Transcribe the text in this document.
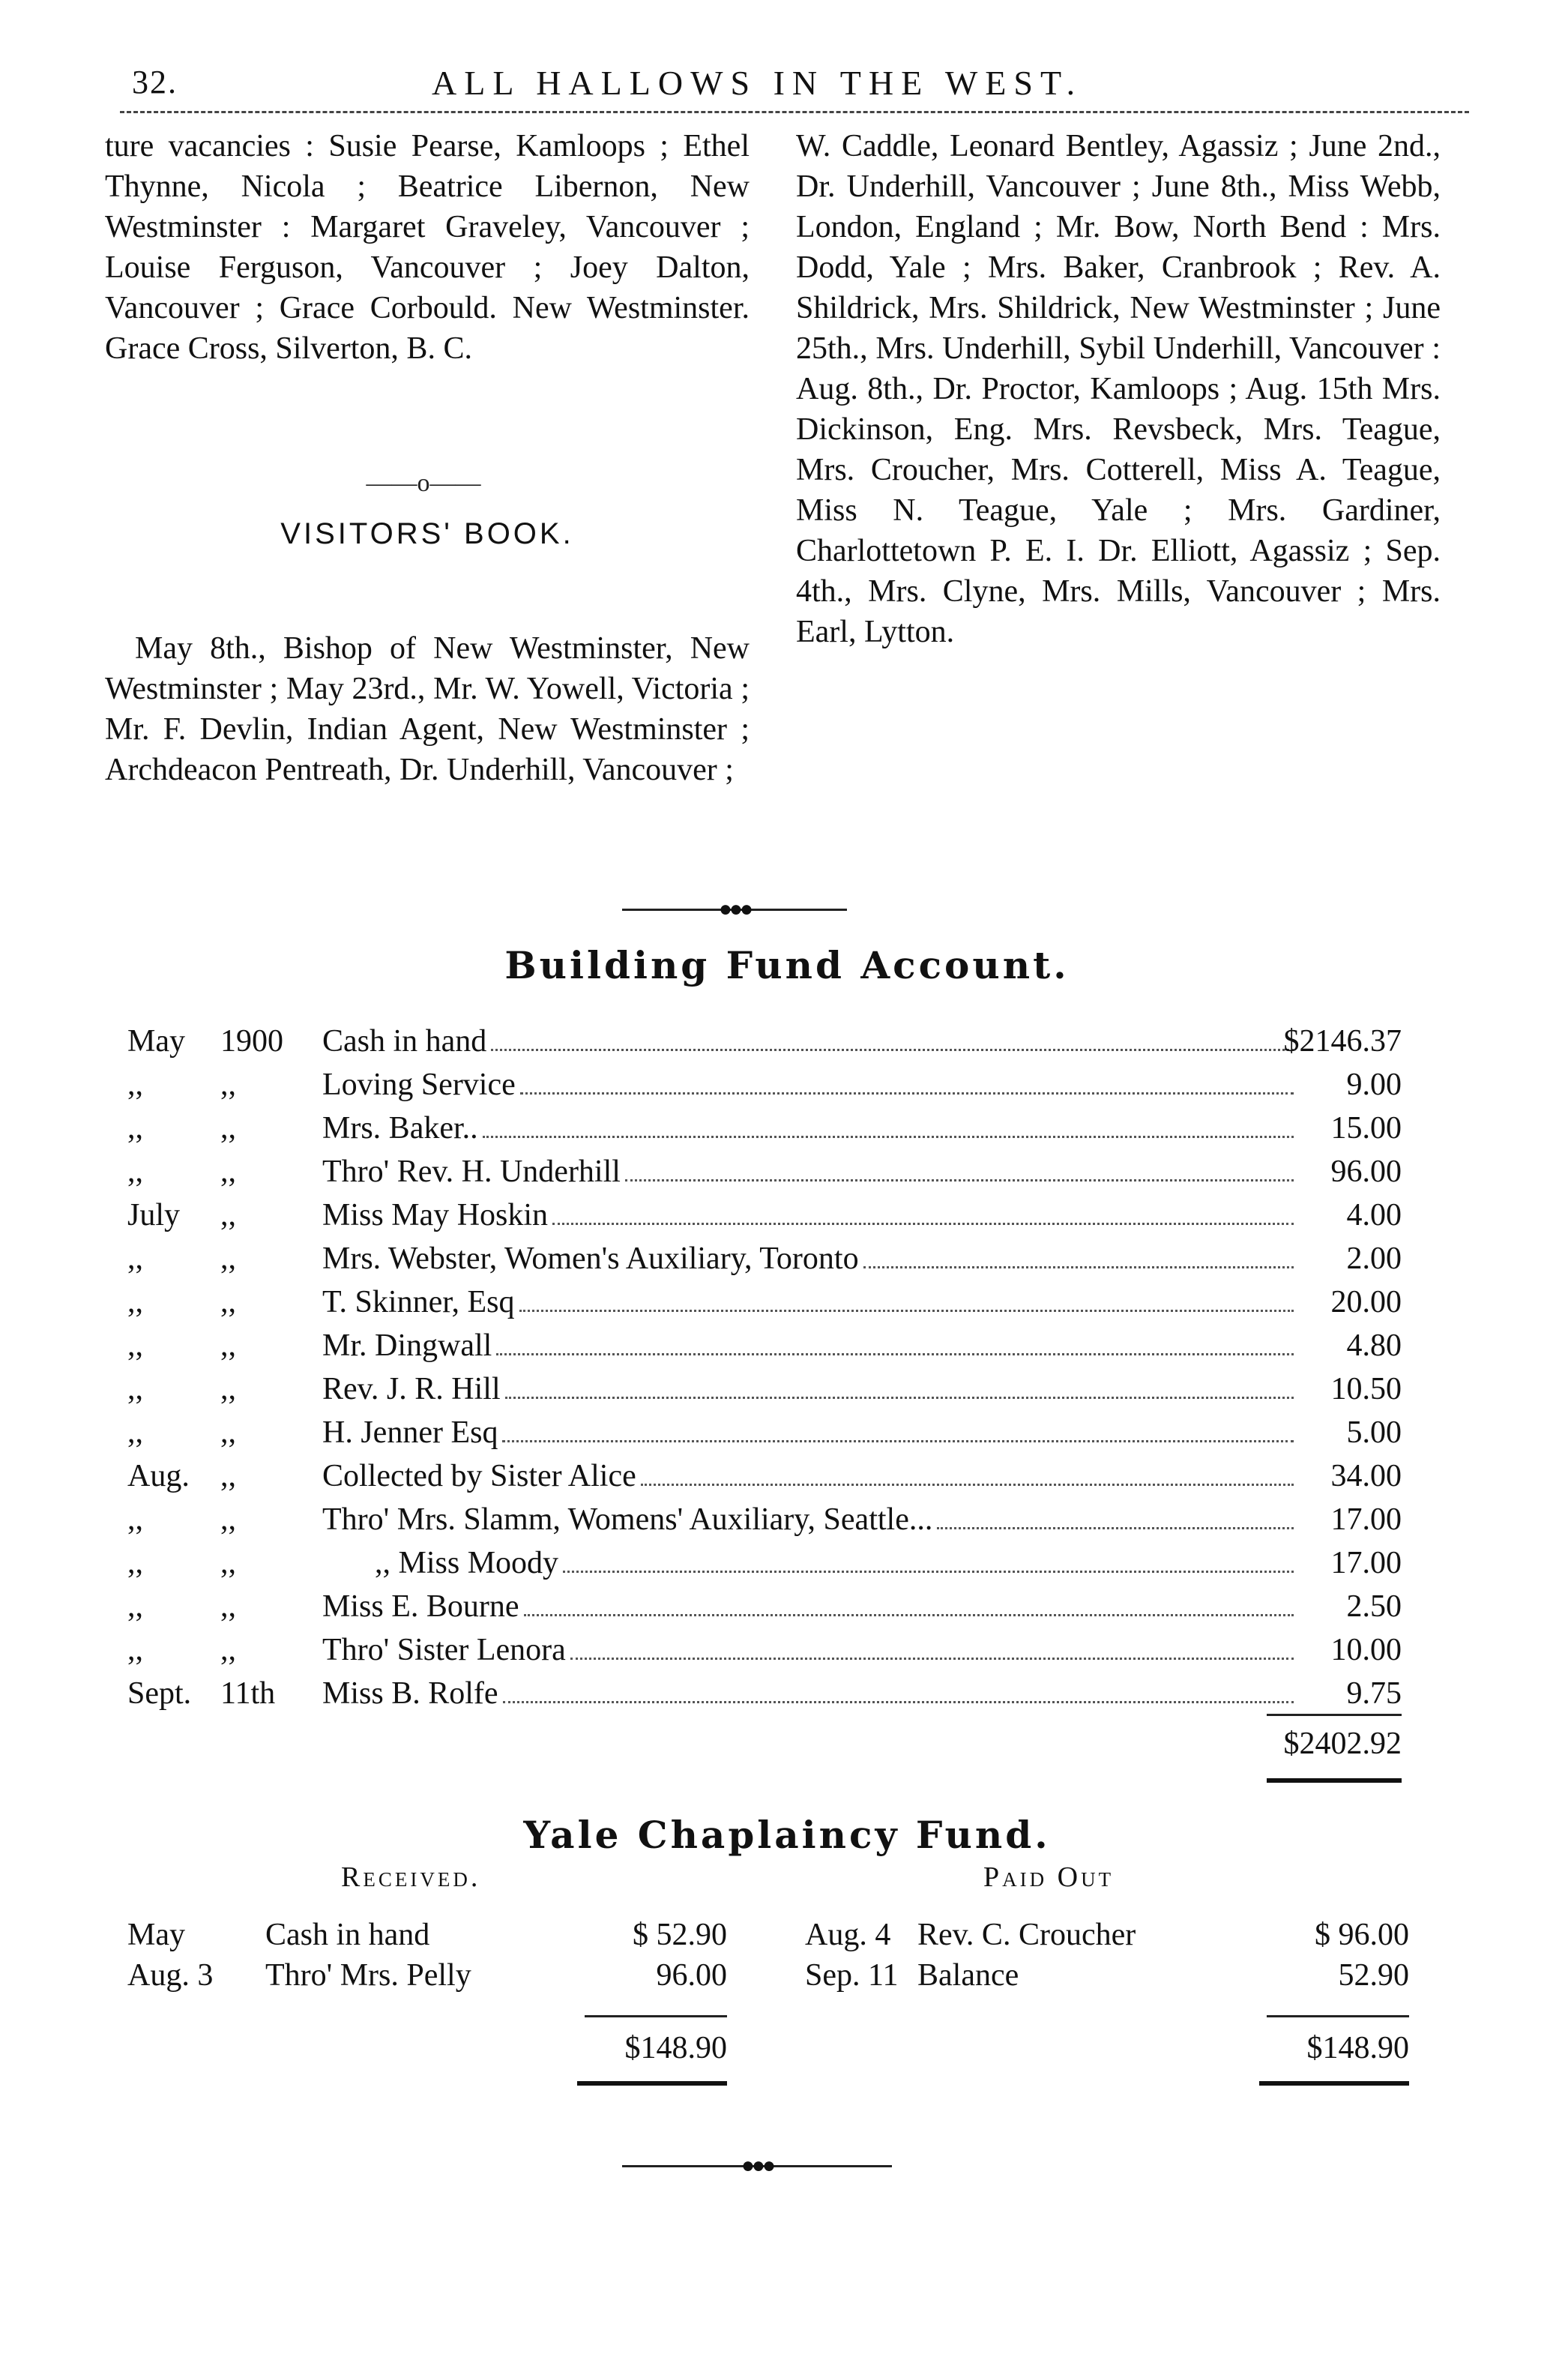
32.	ALL HALLOWS IN THE WEST.

ture vacancies : Susie Pearse, Kamloops ; Ethel Thynne, Nicola ; Beatrice Libernon, New Westminster : Margaret Graveley, Vancouver ; Louise Ferguson, Vancouver ; Joey Dalton, Vancouver ; Grace Corbould. New Westminster. Grace Cross, Silverton, B. C.

——o——
VISITORS' BOOK.

May 8th., Bishop of New Westminster, New Westminster ; May 23rd., Mr. W. Yowell, Victoria ; Mr. F. Devlin, Indian Agent, New Westminster ; Archdeacon Pentreath, Dr. Underhill, Vancouver ;

W. Caddle, Leonard Bentley, Agassiz ; June 2nd., Dr. Underhill, Vancouver ; June 8th., Miss Webb, London, England ; Mr. Bow, North Bend : Mrs. Dodd, Yale ; Mrs. Baker, Cranbrook ; Rev. A. Shildrick, Mrs. Shildrick, New Westminster ; June 25th., Mrs. Underhill, Sybil Underhill, Vancouver : Aug. 8th., Dr. Proctor, Kamloops ; Aug. 15th Mrs. Dickinson, Eng. Mrs. Revsbeck, Mrs. Teague, Mrs. Croucher, Mrs. Cotterell, Miss A. Teague, Miss N. Teague, Yale ; Mrs. Gardiner, Charlottetown P. E. I. Dr. Elliott, Agassiz ; Sep. 4th., Mrs. Clyne, Mrs. Mills, Vancouver ; Mrs. Earl, Lytton.

●●●
Building Fund Account.
May	1900 Cash in hand	$2146.37
,,	,,	Loving Service	9.00
,,	,,	Mrs. Baker..	15.00
,,	,,	Thro' Rev. H. Underhill	96.00
July	,,	Miss May Hoskin	4.00
,,	,,	Mrs. Webster, Women's Auxiliary, Toronto	2.00
,,	,,	T. Skinner, Esq	20.00
,,	,,	Mr. Dingwall	4.80
,,	,,	Rev. J. R. Hill	10.50
,,	,,	H. Jenner Esq	5.00
Aug. ,,	Collected by Sister Alice	34.00
,,	,,	Thro' Mrs. Slamm, Womens' Auxiliary, Seattle...	17.00
,,	,,	,, Miss Moody	17.00
,,	,,	Miss E. Bourne	2.50
,,	,,	Thro' Sister Lenora	10.00
Sept. 11th	Miss B. Rolfe	9.75
$2402.92
Yale Chaplaincy Fund.
Received.	Paid Out
May	Cash in hand	$ 52.90
Aug. 3 Thro' Mrs. Pelly	96.00
Aug. 4 Rev. C. Croucher	$ 96.00
Sep. 11 Balance	52.90
$148.90	$148.90
●●●
